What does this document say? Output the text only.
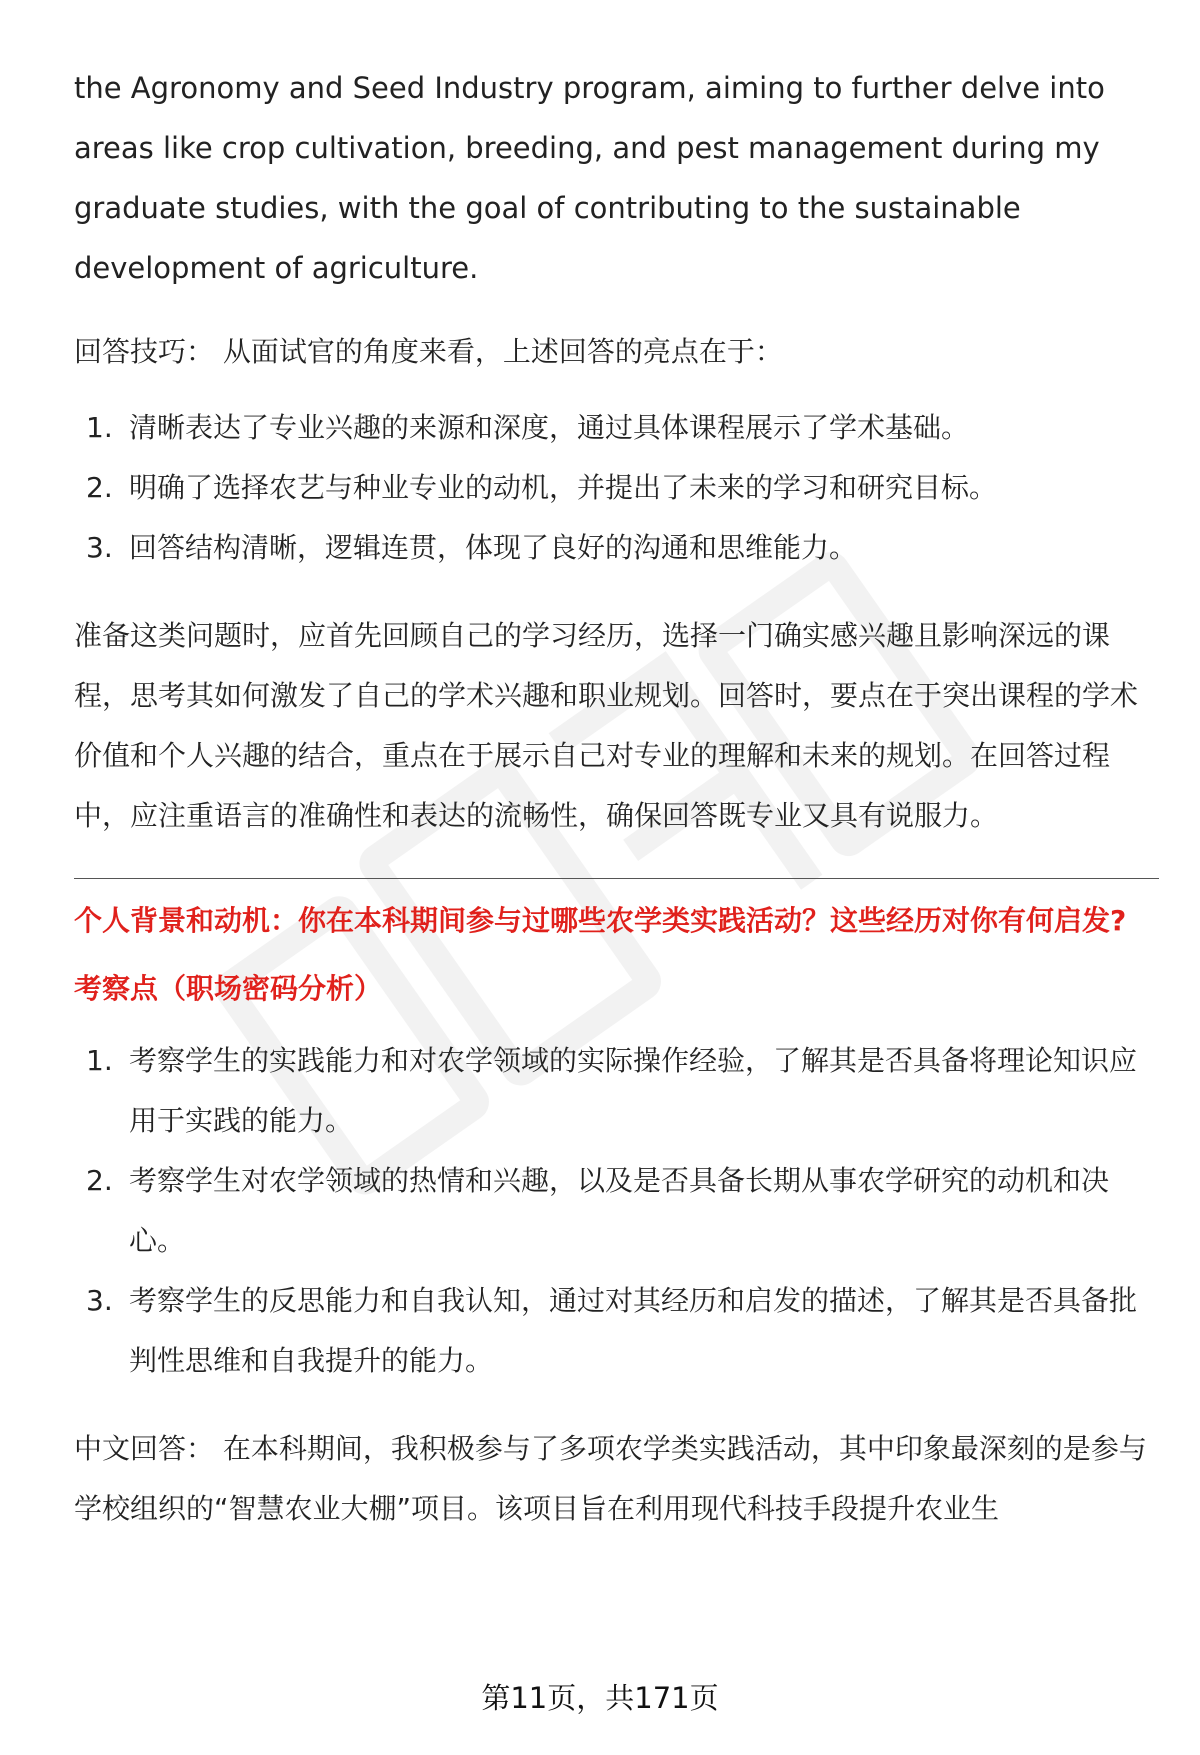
the Agronomy and Seed Industry program, aiming to further delve into areas like crop cultivation, breeding, and pest management during my graduate studies, with the goal of contributing to the sustainable development of agriculture.

回答技巧： 从面试官的角度来看，上述回答的亮点在于：

1. 清晰表达了专业兴趣的来源和深度，通过具体课程展示了学术基础。
2. 明确了选择农艺与种业专业的动机，并提出了未来的学习和研究目标。
3. 回答结构清晰，逻辑连贯，体现了良好的沟通和思维能力。

准备这类问题时，应首先回顾自己的学习经历，选择一门确实感兴趣且影响深远的课程，思考其如何激发了自己的学术兴趣和职业规划。回答时，要点在于突出课程的学术价值和个人兴趣的结合，重点在于展示自己对专业的理解和未来的规划。在回答过程中，应注重语言的准确性和表达的流畅性，确保回答既专业又具有说服力。

个人背景和动机：你在本科期间参与过哪些农学类实践活动？这些经历对你有何启发?

考察点（职场密码分析）

1. 考察学生的实践能力和对农学领域的实际操作经验，了解其是否具备将理论知识应用于实践的能力。
2. 考察学生对农学领域的热情和兴趣，以及是否具备长期从事农学研究的动机和决心。
3. 考察学生的反思能力和自我认知，通过对其经历和启发的描述，了解其是否具备批判性思维和自我提升的能力。

中文回答： 在本科期间，我积极参与了多项农学类实践活动，其中印象最深刻的是参与学校组织的“智慧农业大棚”项目。该项目旨在利用现代科技手段提升农业生

第11页，共171页
